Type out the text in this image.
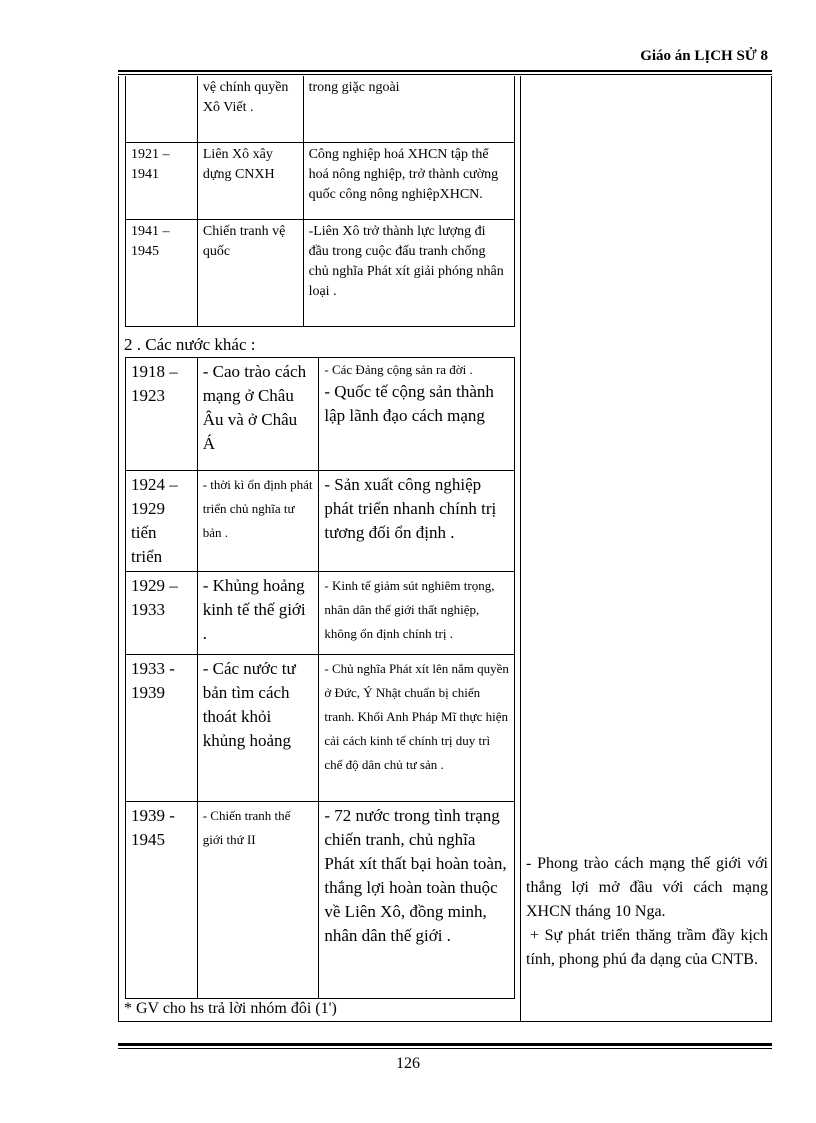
Giáo án LỊCH SỬ 8
	vệ chính quyền Xô Viết .	trong giặc ngoài
1921 – 1941	Liên Xô xây dựng CNXH	Công nghiệp hoá XHCN tập thể hoá nông nghiệp, trở thành cường quốc công nông nghiệpXHCN.
1941 –1945	Chiến tranh vệ quốc	-Liên Xô trở thành lực lượng đi đầu trong cuộc đấu tranh chống chủ nghĩa Phát xít giải phóng nhân loại .
2 . Các nước khác :
1918 – 1923	- Cao trào cách mạng ở Châu Âu và ở Châu Á	- Các Đảng cộng sản ra đời .
- Quốc tế cộng sản thành lập lãnh đạo cách mạng

1924 – 1929 tiến triển	- thời kì ổn định phát triển chủ nghĩa tư bản .	- Sản xuất công nghiệp phát triển nhanh chính trị tương đối ổn định .
1929 – 1933	- Khủng hoảng kinh tế thế giới .	- Kinh tế giảm sút nghiêm trọng, nhân dân thế giới thất nghiệp, không ổn định chính trị .
1933 - 1939	- Các nước tư bản tìm cách thoát khỏi khủng hoảng	- Chủ nghĩa Phát xít lên nắm quyền ở Đức, Ý Nhật chuẩn bị chiến tranh. Khối Anh Pháp Mĩ thực hiện cải cách kinh tế chính trị duy trì chế độ dân chủ tư sản .
1939 - 1945	- Chiến tranh thế giới thứ II	- 72 nước trong tình trạng chiến tranh, chủ nghĩa Phát xít thất bại hoàn toàn, thắng lợi hoàn toàn thuộc về Liên Xô, đồng minh, nhân dân thế giới .
* GV cho hs trả lời nhóm đôi (1')

- Phong trào cách mạng thế giới với thắng lợi mở đầu với cách mạng XHCN tháng 10 Nga.

+ Sự phát triển thăng trầm đầy kịch tính, phong phú đa dạng của CNTB.

126
